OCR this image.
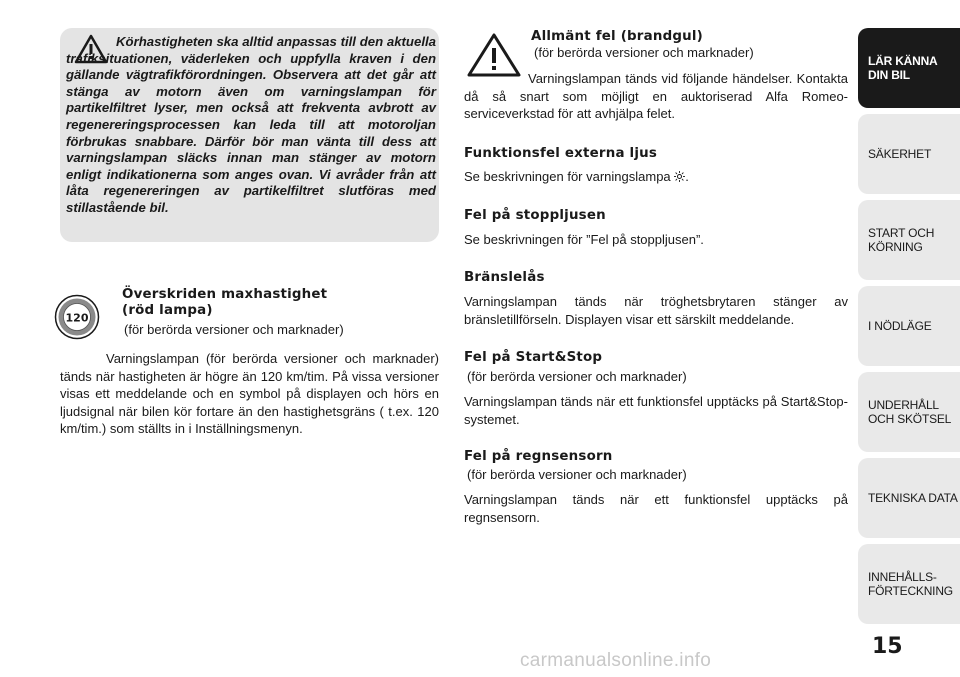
Körhastigheten ska alltid anpassas till den aktuella trafiksituationen, väderleken och uppfylla kraven i den gällande vägtrafikförordningen. Observera att det går att stänga av motorn även om varningslampan för partikelfiltret lyser, men också att frekventa avbrott av regenereringsprocessen kan leda till att motoroljan förbrukas snabbare. Därför bör man vänta till dess att varningslampan släcks innan man stänger av motorn enligt indikationerna som anges ovan. Vi avråder från att låta regenereringen av partikelfiltret slutföras med stillastående bil.
120
Överskriden maxhastighet
(röd lampa)
(för berörda versioner och marknader)
Varningslampan (för berörda versioner och marknader) tänds när hastigheten är högre än 120 km/tim. På vissa versioner visas ett meddelande och en symbol på displayen och hörs en ljudsignal när bilen kör fortare än den hastighetsgräns ( t.ex. 120 km/tim.) som ställts in i Inställningsmenyn.
Allmänt fel (brandgul)
(för berörda versioner och marknader)
Varningslampan tänds vid följande händelser. Kontakta då så snart som möjligt en auktoriserad Alfa Romeo-serviceverkstad för att avhjälpa felet.
Funktionsfel externa ljus
Se beskrivningen för varningslampa .
Fel på stoppljusen
Se beskrivningen för ”Fel på stoppljusen”.
Bränslelås
Varningslampan tänds när tröghetsbrytaren stänger av bränsletillförseln. Displayen visar ett särskilt meddelande.
Fel på Start&Stop
(för berörda versioner och marknader)
Varningslampan tänds när ett funktionsfel upptäcks på Start&Stop-systemet.
Fel på regnsensorn
(för berörda versioner och marknader)
Varningslampan tänds när ett funktionsfel upptäcks på regnsensorn.
LÄR KÄNNA
DIN BIL
SÄKERHET
START OCH
KÖRNING
I NÖDLÄGE
UNDERHÅLL
OCH SKÖTSEL
TEKNISKA DATA
INNEHÅLLS-
FÖRTECKNING
15
carmanualsonline.info
